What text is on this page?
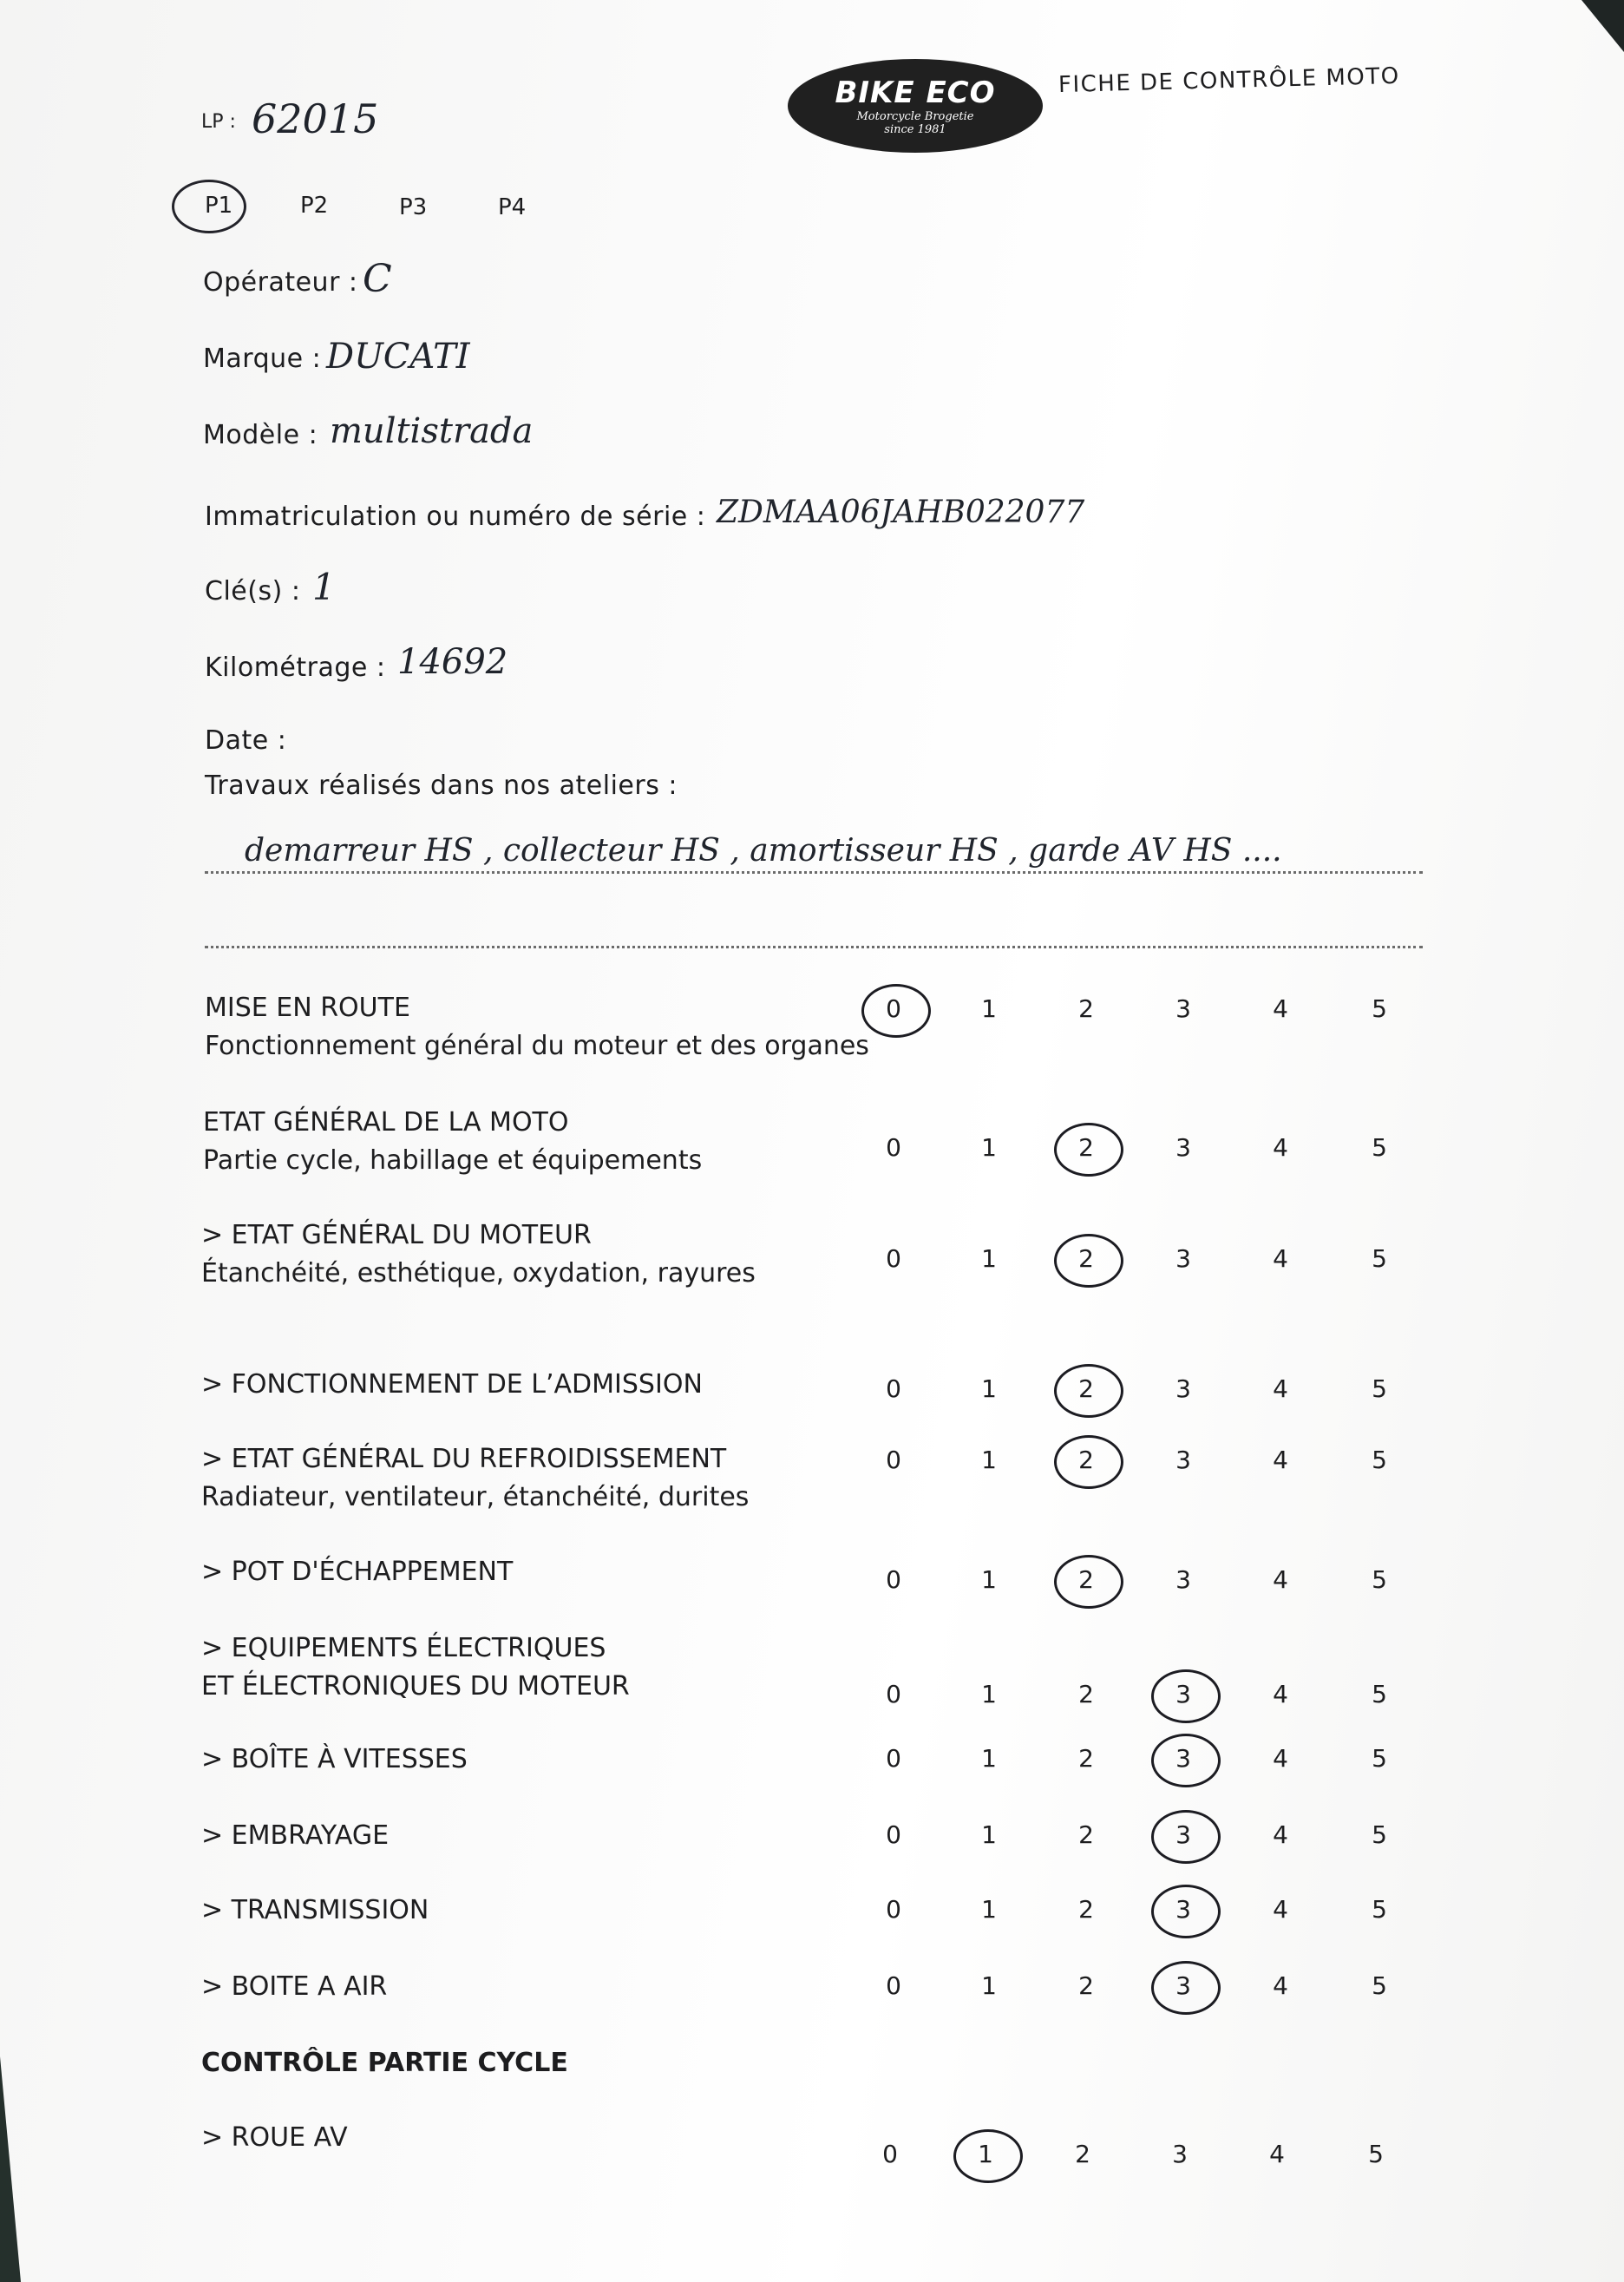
LP : 62015
BIKE ECO
Motorcycle Brogetie
since 1981
FICHE DE CONTRÔLE MOTO
P1	P2	P3	P4
Opérateur : C
Marque : DUCATI
Modèle : multistrada
Immatriculation ou numéro de série : ZDMAA06JAHB022077
Clé(s) : 1
Kilométrage : 14692
Date :
Travaux réalisés dans nos ateliers :
demarreur HS , collecteur HS , amortisseur HS , garde AV HS ....
MISE EN ROUTE
Fonctionnement général du moteur et des organes
0	1	2	3	4	5
ETAT GÉNÉRAL DE LA MOTO
Partie cycle, habillage et équipements	0	1	2	3	4	5
> ETAT GÉNÉRAL DU MOTEUR
Étanchéité, esthétique, oxydation, rayures	0	1	2	3	4	5
> FONCTIONNEMENT DE L’ADMISSION	0	1	2	3	4	5
> ETAT GÉNÉRAL DU REFROIDISSEMENT
Radiateur, ventilateur, étanchéité, durites
0	1	2	3	4	5
> POT D'ÉCHAPPEMENT	0	1	2	3	4	5
> EQUIPEMENTS ÉLECTRIQUES
ET ÉLECTRONIQUES DU MOTEUR	0	1	2	3	4	5
> BOÎTE À VITESSES	0	1	2	3	4	5
> EMBRAYAGE	0	1	2	3	4	5
> TRANSMISSION	0	1	2	3	4	5
> BOITE A AIR	0	1	2	3	4	5
CONTRÔLE PARTIE CYCLE
> ROUE AV
0	1	2	3	4	5
